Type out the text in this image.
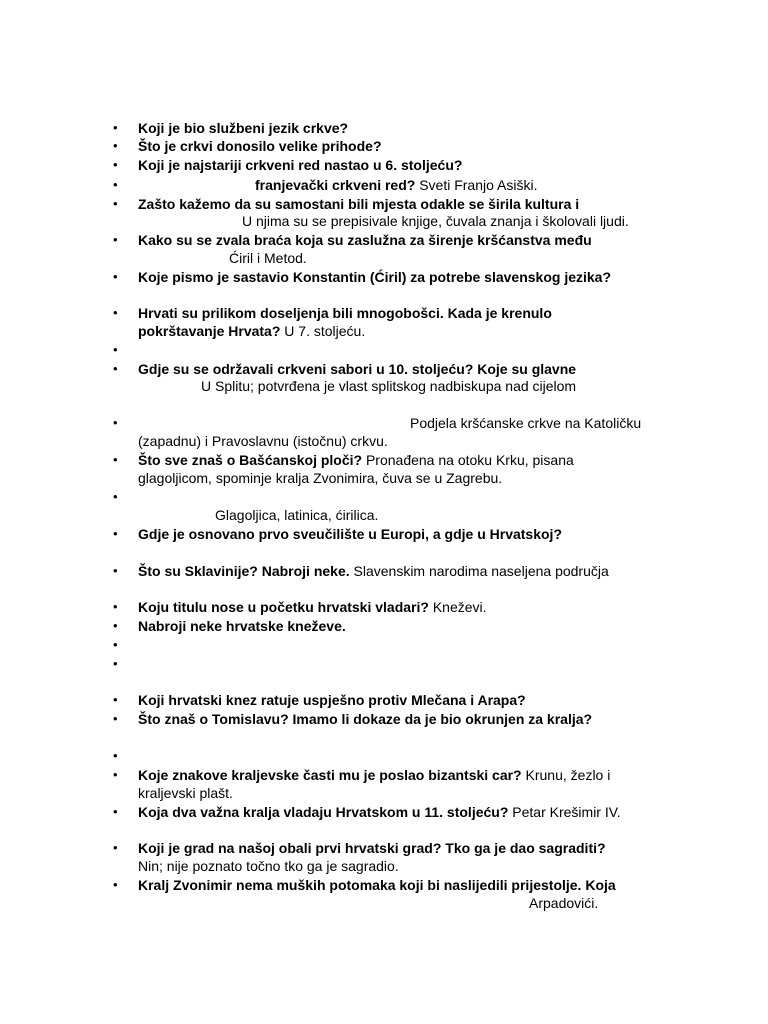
• Koji je bio službeni jezik crkve?
• Što je crkvi donosilo velike prihode?
• Koji je najstariji crkveni red nastao u 6. stoljeću?
•	franjevački crkveni red? Sveti Franjo Asiški.
• Zašto kažemo da su samostani bili mjesta odakle se širila kultura i
U njima su se prepisivale knjige, čuvala znanja i školovali ljudi.
• Kako su se zvala braća koja su zaslužna za širenje kršćanstva među
Ćiril i Metod.
• Koje pismo je sastavio Konstantin (Ćiril) za potrebe slavenskog jezika?
• Hrvati su prilikom doseljenja bili mnogobošci. Kada je krenulo
pokrštavanje Hrvata? U 7. stoljeću.
•
• Gdje su se održavali crkveni sabori u 10. stoljeću? Koje su glavne
U Splitu; potvrđena je vlast splitskog nadbiskupa nad cijelom
•	Podjela kršćanske crkve na Katoličku
(zapadnu) i Pravoslavnu (istočnu) crkvu.
• Što sve znaš o Bašćanskoj ploči? Pronađena na otoku Krku, pisana
glagoljicom, spominje kralja Zvonimira, čuva se u Zagrebu.
•
Glagoljica, latinica, ćirilica.
• Gdje je osnovano prvo sveučilište u Europi, a gdje u Hrvatskoj?
• Što su Sklavinije? Nabroji neke. Slavenskim narodima naseljena područja
• Koju titulu nose u početku hrvatski vladari? Kneževi.
• Nabroji neke hrvatske kneževe.
•
•
• Koji hrvatski knez ratuje uspješno protiv Mlečana i Arapa?
• Što znaš o Tomislavu? Imamo li dokaze da je bio okrunjen za kralja?
•
• Koje znakove kraljevske časti mu je poslao bizantski car? Krunu, žezlo i
kraljevski plašt.
• Koja dva važna kralja vladaju Hrvatskom u 11. stoljeću? Petar Krešimir IV.
• Koji je grad na našoj obali prvi hrvatski grad? Tko ga je dao sagraditi?
Nin; nije poznato točno tko ga je sagradio.
• Kralj Zvonimir nema muških potomaka koji bi naslijedili prijestolje. Koja
Arpadovići.
